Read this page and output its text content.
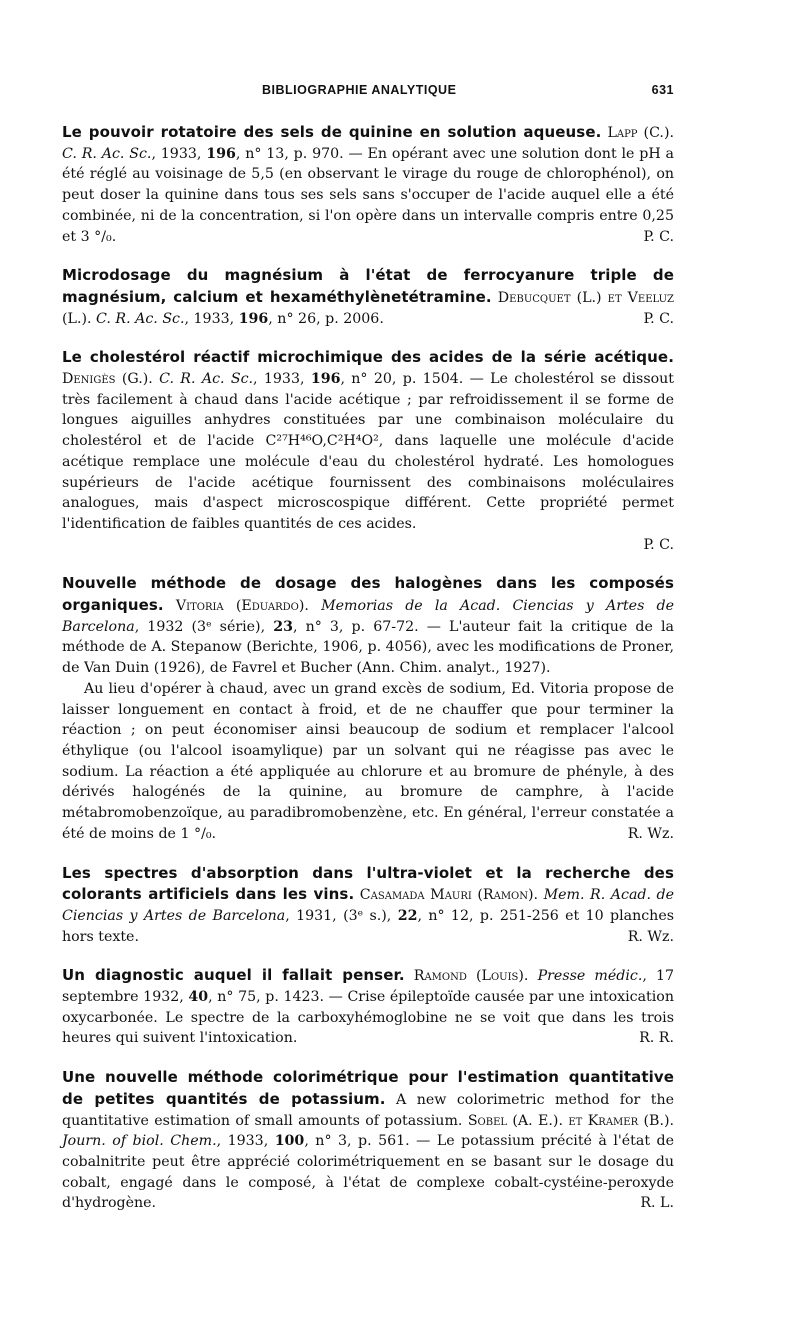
BIBLIOGRAPHIE ANALYTIQUE	631

Le pouvoir rotatoire des sels de quinine en solution aqueuse. Lapp (C.). C. R. Ac. Sc., 1933, 196, n° 13, p. 970. — En opérant avec une solution dont le pH a été réglé au voisinage de 5,5 (en observant le virage du rouge de chlorophénol), on peut doser la quinine dans tous ses sels sans s'occuper de l'acide auquel elle a été combinée, ni de la concentration, si l'on opère dans un intervalle compris entre 0,25 et 3 °/₀.	P. C.

Microdosage du magnésium à l'état de ferrocyanure triple de magnésium, calcium et hexaméthylènetétramine. Debucquet (L.) et Veeluz (L.). C. R. Ac. Sc., 1933, 196, n° 26, p. 2006.	P. C.

Le cholestérol réactif microchimique des acides de la série acétique. Denigès (G.). C. R. Ac. Sc., 1933, 196, n° 20, p. 1504. — Le cholestérol se dissout très facilement à chaud dans l'acide acétique ; par refroidissement il se forme de longues aiguilles anhydres constituées par une combinaison moléculaire du cholestérol et de l'acide C²⁷H⁴⁶O,C²H⁴O², dans laquelle une molécule d'acide acétique remplace une molécule d'eau du cholestérol hydraté. Les homologues supérieurs de l'acide acétique fournissent des combinaisons moléculaires analogues, mais d'aspect microscospique différent. Cette propriété permet l'identification de faibles quantités de ces acides.

P. C.

Nouvelle méthode de dosage des halogènes dans les composés organiques. Vitoria (Eduardo). Memorias de la Acad. Ciencias y Artes de Barcelona, 1932 (3ᵉ série), 23, n° 3, p. 67-72. — L'auteur fait la critique de la méthode de A. Stepanow (Berichte, 1906, p. 4056), avec les modifications de Proner, de Van Duin (1926), de Favrel et Bucher (Ann. Chim. analyt., 1927).

Au lieu d'opérer à chaud, avec un grand excès de sodium, Ed. Vitoria propose de laisser longuement en contact à froid, et de ne chauffer que pour terminer la réaction ; on peut économiser ainsi beaucoup de sodium et remplacer l'alcool éthylique (ou l'alcool isoamylique) par un solvant qui ne réagisse pas avec le sodium. La réaction a été appliquée au chlorure et au bromure de phényle, à des dérivés halogénés de la quinine, au bromure de camphre, à l'acide métabromobenzoïque, au paradibromobenzène, etc. En général, l'erreur constatée a été de moins de 1 °/₀.	R. Wz.

Les spectres d'absorption dans l'ultra-violet et la recherche des colorants artificiels dans les vins. Casamada Mauri (Ramon). Mem. R. Acad. de Ciencias y Artes de Barcelona, 1931, (3ᵉ s.), 22, n° 12, p. 251-256 et 10 planches hors texte.	R. Wz.

Un diagnostic auquel il fallait penser. Ramond (Louis). Presse médic., 17 septembre 1932, 40, n° 75, p. 1423. — Crise épileptoïde causée par une intoxication oxycarbonée. Le spectre de la carboxyhémoglobine ne se voit que dans les trois heures qui suivent l'intoxication.	R. R.

Une nouvelle méthode colorimétrique pour l'estimation quantitative de petites quantités de potassium. A new colorimetric method for the quantitative estimation of small amounts of potassium. Sobel (A. E.). et Kramer (B.). Journ. of biol. Chem., 1933, 100, n° 3, p. 561. — Le potassium précité à l'état de cobalnitrite peut être apprécié colorimétriquement en se basant sur le dosage du cobalt, engagé dans le composé, à l'état de complexe cobalt-cystéine-peroxyde d'hydrogène.	R. L.
